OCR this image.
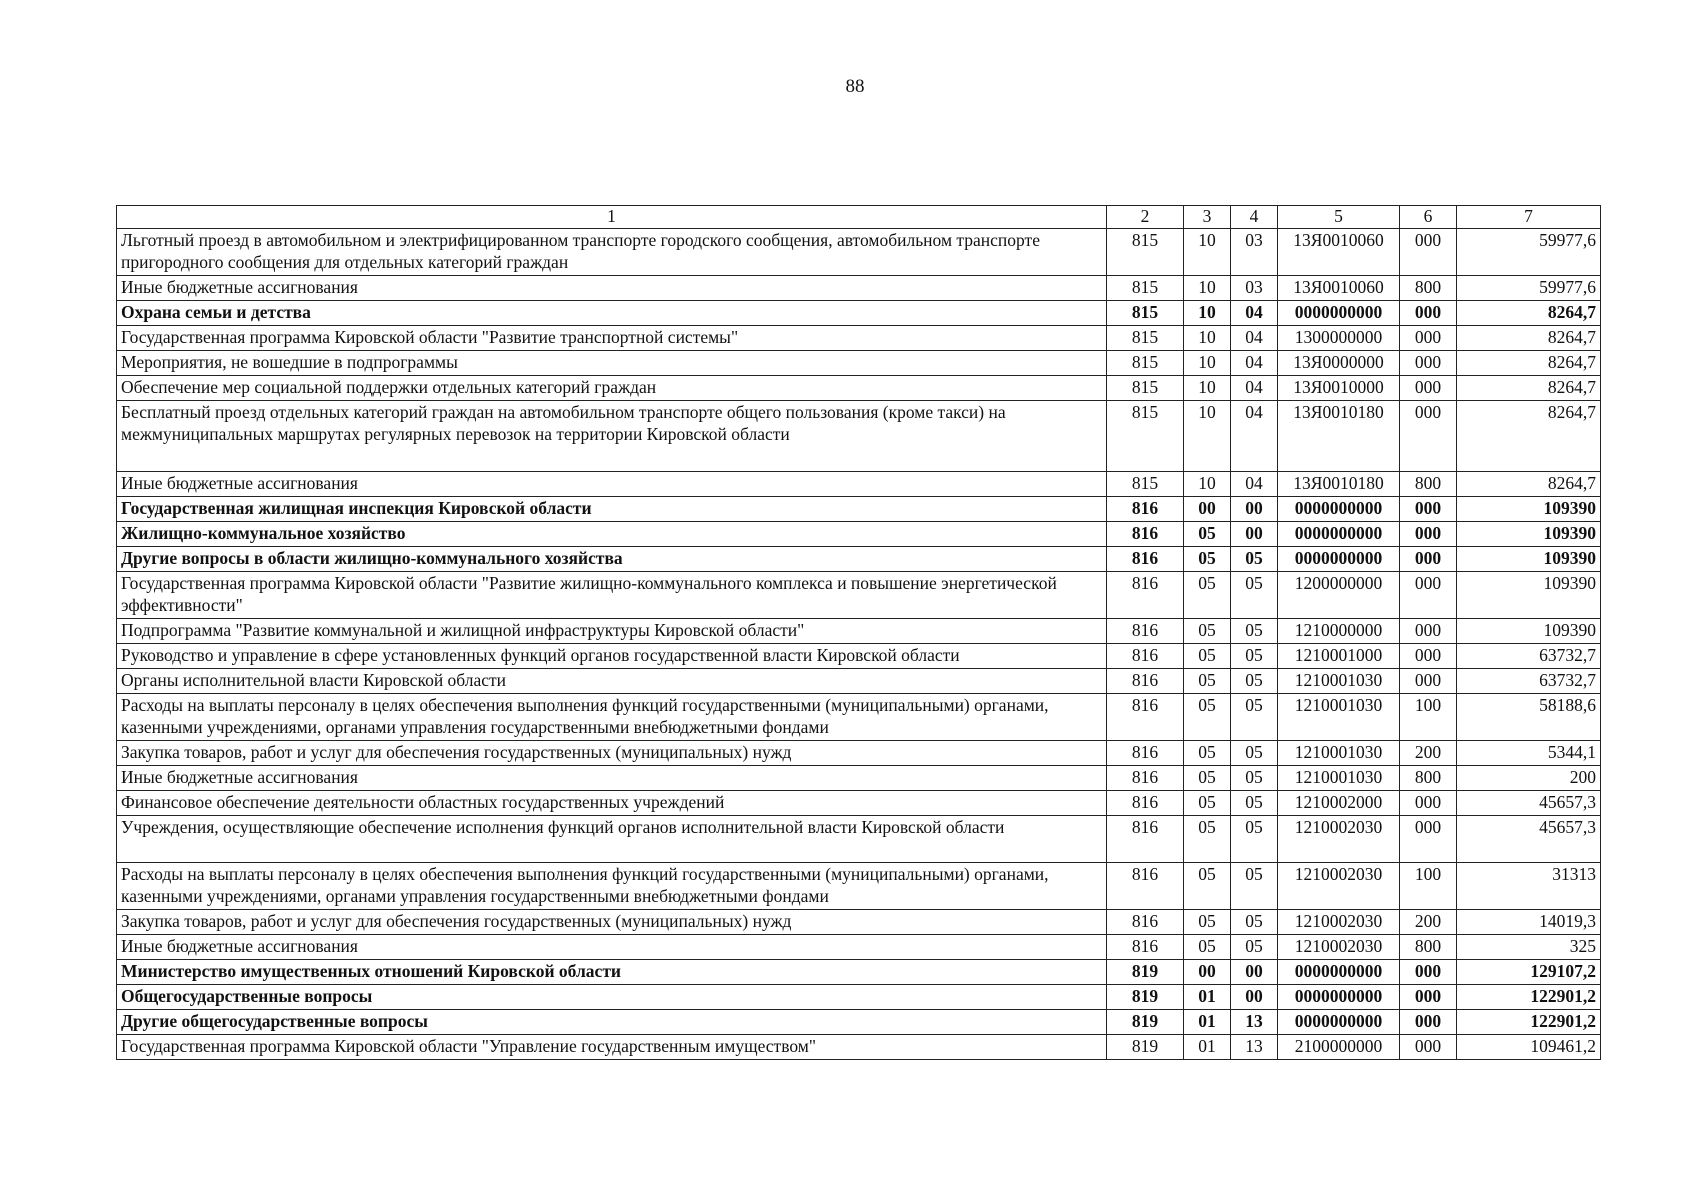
88
1	2	3	4	5	6	7
Льготный проезд в автомобильном и электрифицированном транспорте городского сообщения, автомобильном транспорте пригородного сообщения для отдельных категорий граждан	815	10	03	13Я0010060	000	59977,6
Иные бюджетные ассигнования	815	10	03	13Я0010060	800	59977,6
Охрана семьи и детства	815	10	04	0000000000	000	8264,7
Государственная программа Кировской области "Развитие транспортной системы"	815	10	04	1300000000	000	8264,7
Мероприятия, не вошедшие в подпрограммы	815	10	04	13Я0000000	000	8264,7
Обеспечение мер социальной поддержки отдельных категорий граждан	815	10	04	13Я0010000	000	8264,7
Бесплатный проезд отдельных категорий граждан на автомобильном транспорте общего пользования (кроме такси) на межмуниципальных маршрутах регулярных перевозок на территории Кировской области	815	10	04	13Я0010180	000	8264,7
Иные бюджетные ассигнования	815	10	04	13Я0010180	800	8264,7
Государственная жилищная инспекция Кировской области	816	00	00	0000000000	000	109390
Жилищно-коммунальное хозяйство	816	05	00	0000000000	000	109390
Другие вопросы в области жилищно-коммунального хозяйства	816	05	05	0000000000	000	109390
Государственная программа Кировской области "Развитие жилищно-коммунального комплекса и повышение энергетической эффективности"	816	05	05	1200000000	000	109390
Подпрограмма "Развитие коммунальной и жилищной инфраструктуры Кировской области"	816	05	05	1210000000	000	109390
Руководство и управление в сфере установленных функций органов государственной власти Кировской области	816	05	05	1210001000	000	63732,7
Органы исполнительной власти Кировской области	816	05	05	1210001030	000	63732,7
Расходы на выплаты персоналу в целях обеспечения выполнения функций государственными (муниципальными) органами, казенными учреждениями, органами управления государственными внебюджетными фондами	816	05	05	1210001030	100	58188,6
Закупка товаров, работ и услуг для обеспечения государственных (муниципальных) нужд	816	05	05	1210001030	200	5344,1
Иные бюджетные ассигнования	816	05	05	1210001030	800	200
Финансовое обеспечение деятельности областных государственных учреждений	816	05	05	1210002000	000	45657,3
Учреждения, осуществляющие обеспечение исполнения функций органов исполнительной власти Кировской области	816	05	05	1210002030	000	45657,3
Расходы на выплаты персоналу в целях обеспечения выполнения функций государственными (муниципальными) органами, казенными учреждениями, органами управления государственными внебюджетными фондами	816	05	05	1210002030	100	31313
Закупка товаров, работ и услуг для обеспечения государственных (муниципальных) нужд	816	05	05	1210002030	200	14019,3
Иные бюджетные ассигнования	816	05	05	1210002030	800	325
Министерство имущественных отношений Кировской области	819	00	00	0000000000	000	129107,2
Общегосударственные вопросы	819	01	00	0000000000	000	122901,2
Другие общегосударственные вопросы	819	01	13	0000000000	000	122901,2
Государственная программа Кировской области "Управление государственным имуществом"	819	01	13	2100000000	000	109461,2
